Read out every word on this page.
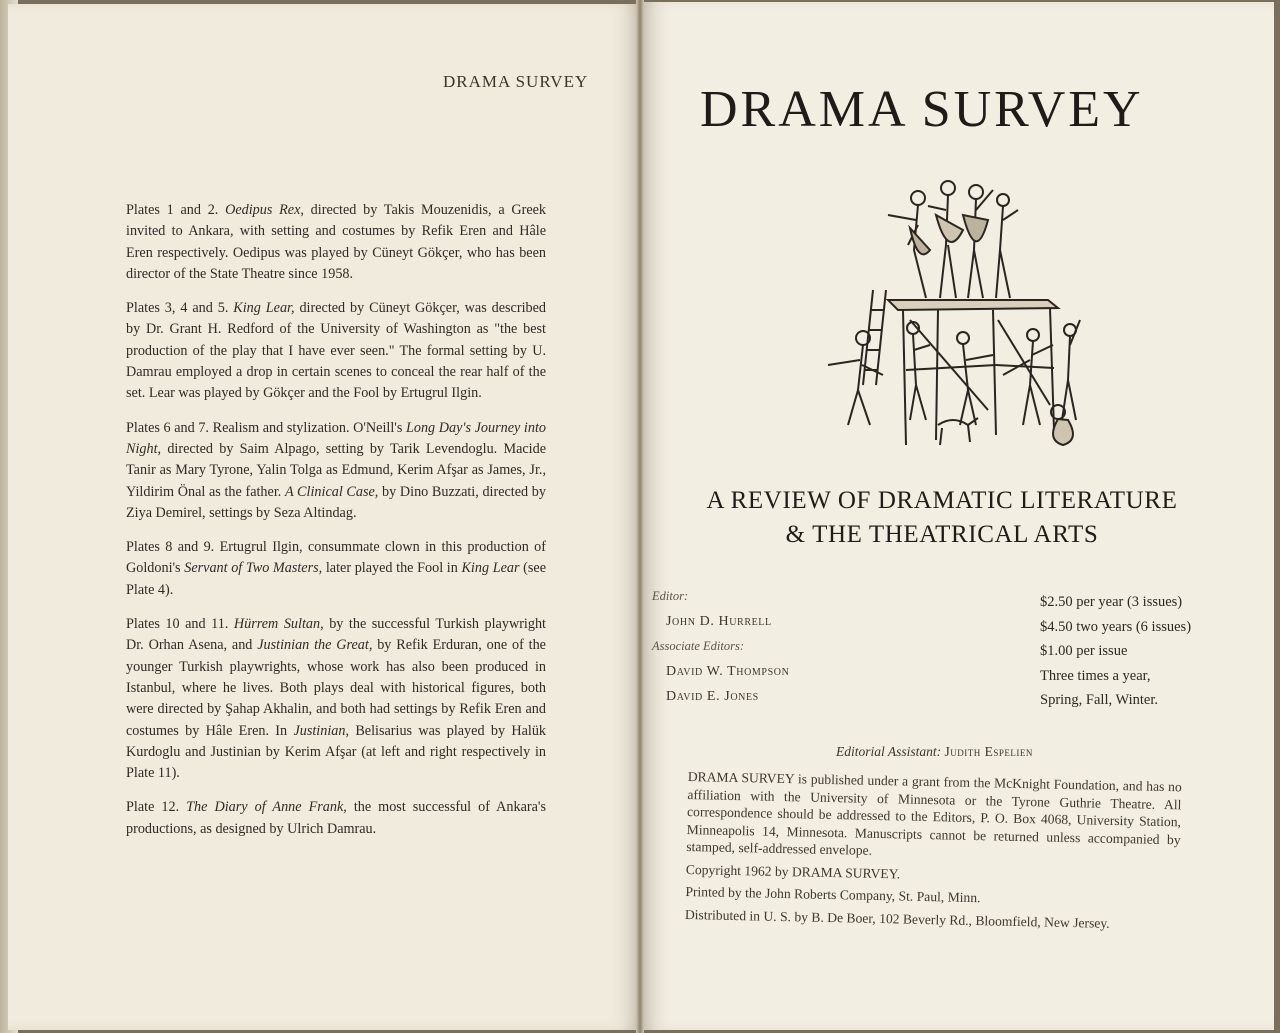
DRAMA SURVEY

Plates 1 and 2. Oedipus Rex, directed by Takis Mouzenidis, a Greek invited to Ankara, with setting and costumes by Refik Eren and Hâle Eren respectively. Oedipus was played by Cüneyt Gökçer, who has been director of the State Theatre since 1958.

Plates 3, 4 and 5. King Lear, directed by Cüneyt Gökçer, was described by Dr. Grant H. Redford of the University of Washington as "the best production of the play that I have ever seen." The formal setting by U. Damrau employed a drop in certain scenes to conceal the rear half of the set. Lear was played by Gökçer and the Fool by Ertugrul Ilgin.

Plates 6 and 7. Realism and stylization. O'Neill's Long Day's Journey into Night, directed by Saim Alpago, setting by Tarik Levendoglu. Macide Tanir as Mary Tyrone, Yalin Tolga as Edmund, Kerim Afşar as James, Jr., Yildirim Önal as the father. A Clinical Case, by Dino Buzzati, directed by Ziya Demirel, settings by Seza Altindag.

Plates 8 and 9. Ertugrul Ilgin, consummate clown in this production of Goldoni's Servant of Two Masters, later played the Fool in King Lear (see Plate 4).

Plates 10 and 11. Hürrem Sultan, by the successful Turkish playwright Dr. Orhan Asena, and Justinian the Great, by Refik Erduran, one of the younger Turkish playwrights, whose work has also been produced in Istanbul, where he lives. Both plays deal with historical figures, both were directed by Şahap Akhalin, and both had settings by Refik Eren and costumes by Hâle Eren. In Justinian, Belisarius was played by Halük Kurdoglu and Justinian by Kerim Afşar (at left and right respectively in Plate 11).

Plate 12. The Diary of Anne Frank, the most successful of Ankara's productions, as designed by Ulrich Damrau.

DRAMA SURVEY
A REVIEW OF DRAMATIC LITERATURE
& THE THEATRICAL ARTS
Editor:
John D. Hurrell
Associate Editors:
David W. Thompson
David E. Jones
$2.50 per year (3 issues)
$4.50 two years (6 issues)
$1.00 per issue
Three times a year,
Spring, Fall, Winter.
Editorial Assistant: Judith Espelien

DRAMA SURVEY is published under a grant from the McKnight Foundation, and has no affiliation with the University of Minnesota or the Tyrone Guthrie Theatre. All correspondence should be addressed to the Editors, P. O. Box 4068, University Station, Minneapolis 14, Minnesota. Manuscripts cannot be returned unless accompanied by stamped, self-addressed envelope.

Copyright 1962 by DRAMA SURVEY.

Printed by the John Roberts Company, St. Paul, Minn.

Distributed in U. S. by B. De Boer, 102 Beverly Rd., Bloomfield, New Jersey.
